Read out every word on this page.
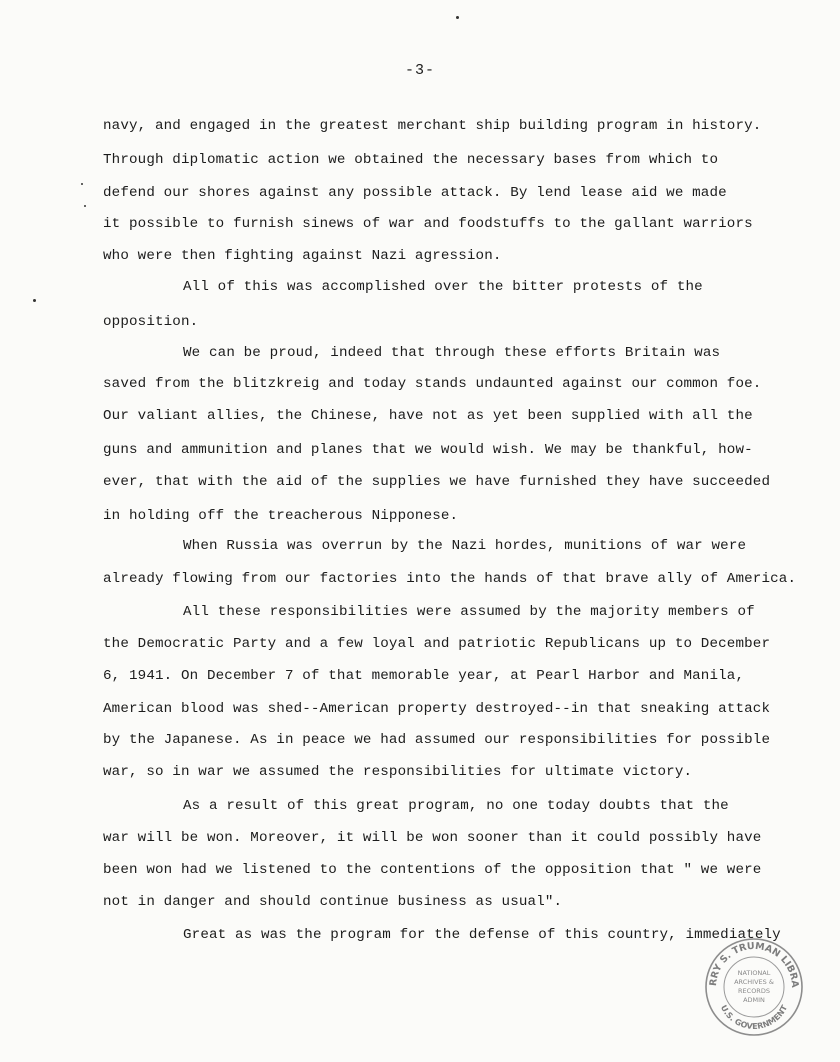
-3-
navy, and engaged in the greatest merchant ship building program in history.
Through diplomatic action we obtained the necessary bases from which to
defend our shores against any possible attack. By lend lease aid we made
it possible to furnish sinews of war and foodstuffs to the gallant warriors
who were then fighting against Nazi agression.
All of this was accomplished over the bitter protests of the
opposition.
We can be proud, indeed that through these efforts Britain was
saved from the blitzkreig and today stands undaunted against our common foe.
Our valiant allies, the Chinese, have not as yet been supplied with all the
guns and ammunition and planes that we would wish. We may be thankful, how-
ever, that with the aid of the supplies we have furnished they have succeeded
in holding off the treacherous Nipponese.
When Russia was overrun by the Nazi hordes, munitions of war were
already flowing from our factories into the hands of that brave ally of America.
All these responsibilities were assumed by the majority members of
the Democratic Party and a few loyal and patriotic Republicans up to December
6, 1941. On December 7 of that memorable year, at Pearl Harbor and Manila,
American blood was shed--American property destroyed--in that sneaking attack
by the Japanese. As in peace we had assumed our responsibilities for possible
war, so in war we assumed the responsibilities for ultimate victory.
As a result of this great program, no one today doubts that the
war will be won. Moreover, it will be won sooner than it could possibly have
been won had we listened to the contentions of the opposition that " we were
not in danger and should continue business as usual".
Great as was the program for the defense of this country, immediately
RRY S. TRUMAN LIBRA
U.S. GOVERNMENT
NATIONAL
ARCHIVES &
RECORDS
ADMIN
